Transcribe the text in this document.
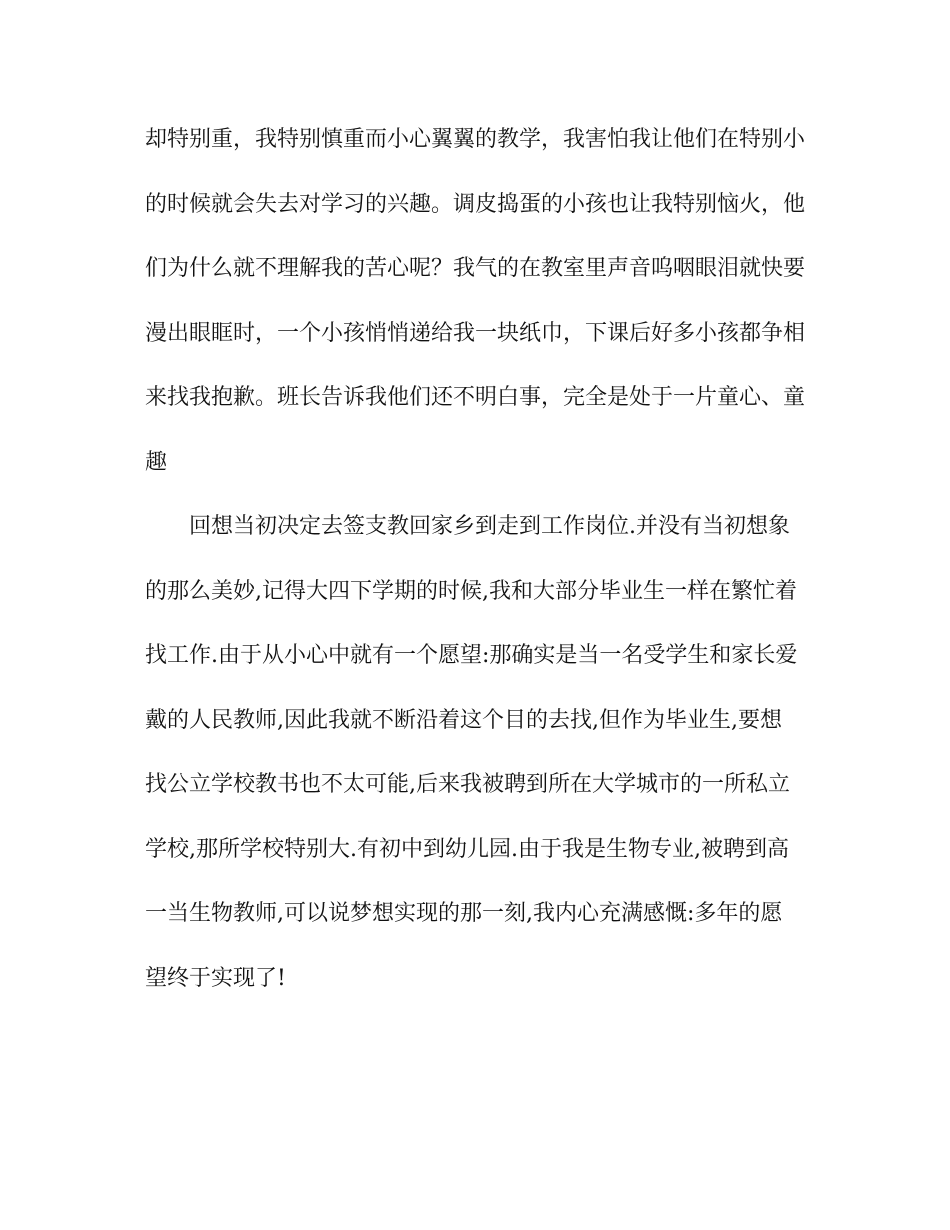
却特别重，我特别慎重而小心翼翼的教学，我害怕我让他们在特别小
的时候就会失去对学习的兴趣。调皮捣蛋的小孩也让我特别恼火，他
们为什么就不理解我的苦心呢？我气的在教室里声音呜咽眼泪就快要
漫出眼眶时，一个小孩悄悄递给我一块纸巾，下课后好多小孩都争相
来找我抱歉。班长告诉我他们还不明白事，完全是处于一片童心、童
趣
回想当初决定去签支教回家乡到走到工作岗位.并没有当初想象
的那么美妙,记得大四下学期的时候,我和大部分毕业生一样在繁忙着
找工作.由于从小心中就有一个愿望:那确实是当一名受学生和家长爱
戴的人民教师,因此我就不断沿着这个目的去找,但作为毕业生,要想
找公立学校教书也不太可能,后来我被聘到所在大学城市的一所私立
学校,那所学校特别大.有初中到幼儿园.由于我是生物专业,被聘到高
一当生物教师,可以说梦想实现的那一刻,我内心充满感慨:多年的愿
望终于实现了!
